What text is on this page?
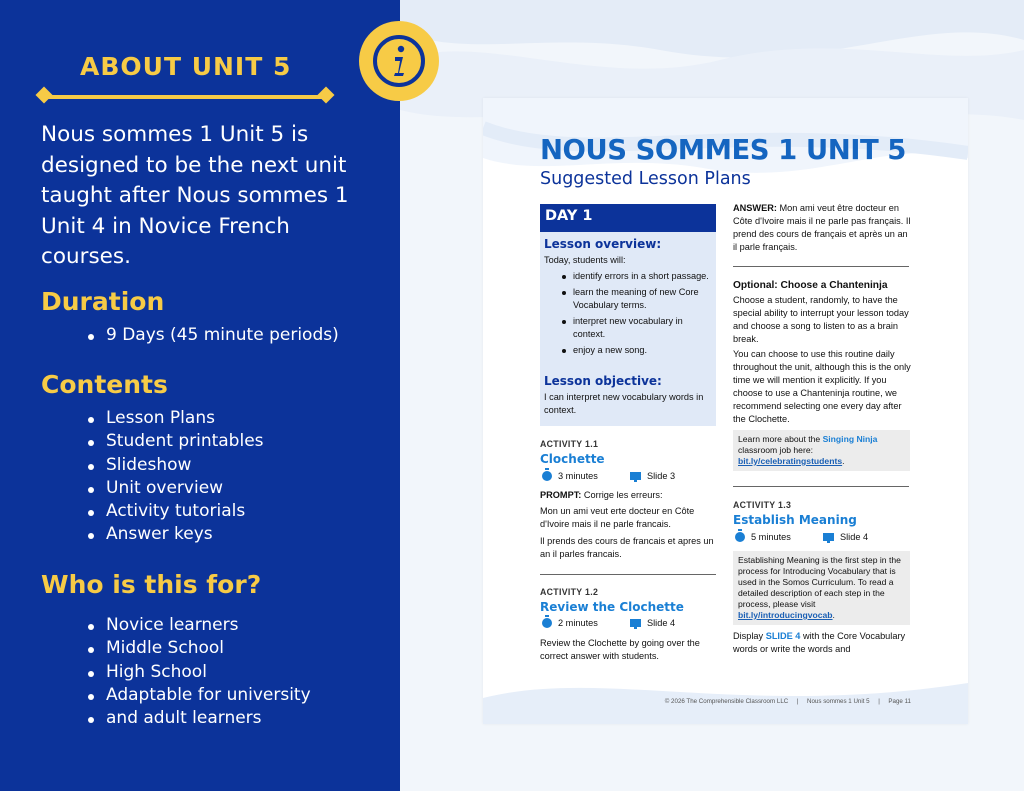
ABOUT UNIT 5
Nous sommes 1 Unit 5 is designed to be the next unit taught after Nous sommes 1 Unit 4 in Novice French courses.
Duration
9 Days (45 minute periods)
Contents
Lesson Plans
Student printables
Slideshow
Unit overview
Activity tutorials
Answer keys
Who is this for?
Novice learners
Middle School
High School
Adaptable for university
and adult learners
NOUS SOMMES 1 UNIT 5
Suggested Lesson Plans
DAY 1
Lesson overview:
Today, students will:
identify errors in a short passage.
learn the meaning of new Core Vocabulary terms.
interpret new vocabulary in context.
enjoy a new song.
Lesson objective:
I can interpret new vocabulary words in context.
ACTIVITY 1.1
Clochette
3 minutes	Slide 3
PROMPT: Corrige les erreurs:
Mon un ami veut erte docteur en Côte d'Ivoire mais il ne parle francais.
Il prends des cours de francais et apres un an il parles francais.
ACTIVITY 1.2
Review the Clochette
2 minutes	Slide 4
Review the Clochette by going over the correct answer with students.
ANSWER: Mon ami veut être docteur en Côte d'Ivoire mais il ne parle pas français. Il prend des cours de français et après un an il parle français.
Optional: Choose a Chanteninja
Choose a student, randomly, to have the special ability to interrupt your lesson today and choose a song to listen to as a brain break.
You can choose to use this routine daily throughout the unit, although this is the only time we will mention it explicitly. If you choose to use a Chanteninja routine, we recommend selecting one every day after the Clochette.
Learn more about the Singing Ninja classroom job here: bit.ly/celebratingstudents.
ACTIVITY 1.3
Establish Meaning
5 minutes	Slide 4
Establishing Meaning is the first step in the process for Introducing Vocabulary that is used in the Somos Curriculum. To read a detailed description of each step in the process, please visit bit.ly/introducingvocab.
Display SLIDE 4 with the Core Vocabulary words or write the words and
© 2026 The Comprehensible Classroom LLC     |     Nous sommes 1 Unit 5     |     Page 11
